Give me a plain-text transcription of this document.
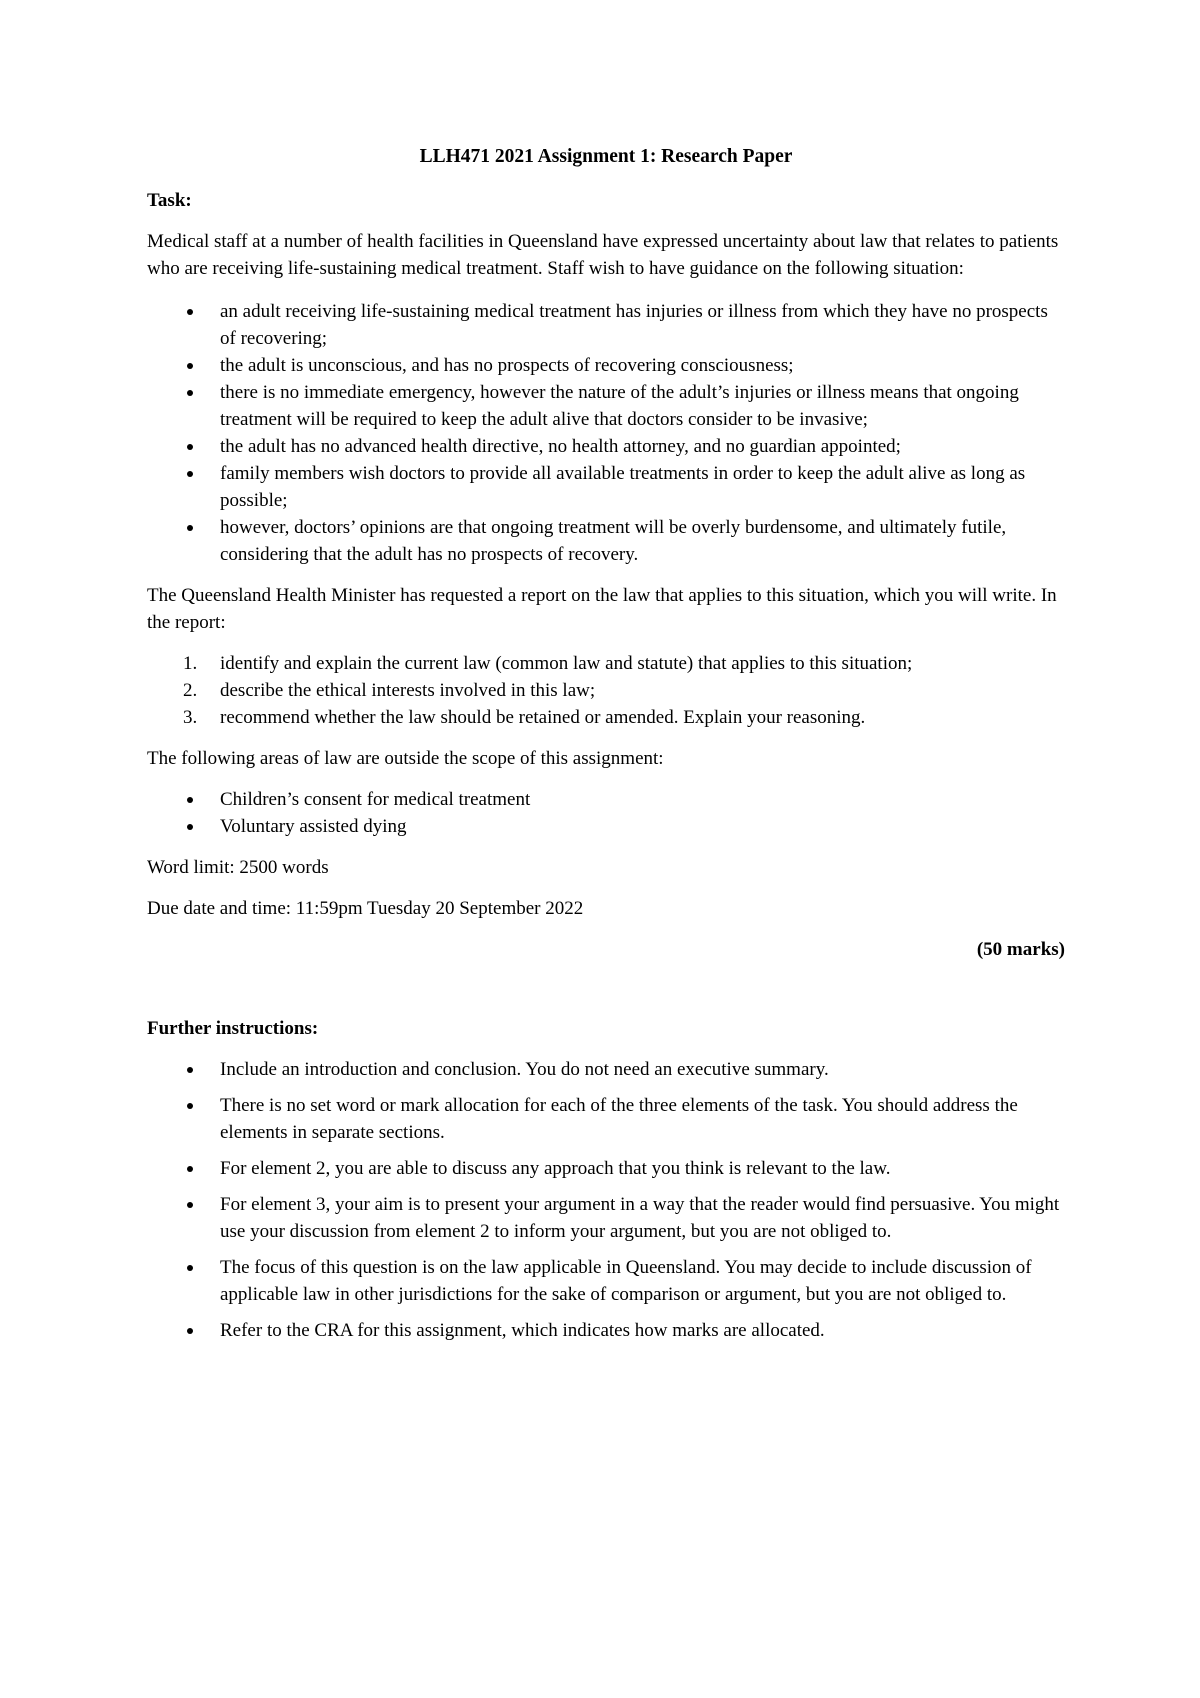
LLH471 2021 Assignment 1: Research Paper

Task:

Medical staff at a number of health facilities in Queensland have expressed uncertainty about law that relates to patients who are receiving life-sustaining medical treatment. Staff wish to have guidance on the following situation:

an adult receiving life-sustaining medical treatment has injuries or illness from which they have no prospects of recovering;
the adult is unconscious, and has no prospects of recovering consciousness;
there is no immediate emergency, however the nature of the adult’s injuries or illness means that ongoing treatment will be required to keep the adult alive that doctors consider to be invasive;
the adult has no advanced health directive, no health attorney, and no guardian appointed;
family members wish doctors to provide all available treatments in order to keep the adult alive as long as possible;
however, doctors’ opinions are that ongoing treatment will be overly burdensome, and ultimately futile, considering that the adult has no prospects of recovery.

The Queensland Health Minister has requested a report on the law that applies to this situation, which you will write. In the report:

1. identify and explain the current law (common law and statute) that applies to this situation;
2. describe the ethical interests involved in this law;
3. recommend whether the law should be retained or amended. Explain your reasoning.

The following areas of law are outside the scope of this assignment:

Children’s consent for medical treatment
Voluntary assisted dying

Word limit: 2500 words

Due date and time: 11:59pm Tuesday 20 September 2022

(50 marks)

Further instructions:

Include an introduction and conclusion. You do not need an executive summary.
There is no set word or mark allocation for each of the three elements of the task. You should address the elements in separate sections.
For element 2, you are able to discuss any approach that you think is relevant to the law.
For element 3, your aim is to present your argument in a way that the reader would find persuasive. You might use your discussion from element 2 to inform your argument, but you are not obliged to.
The focus of this question is on the law applicable in Queensland. You may decide to include discussion of applicable law in other jurisdictions for the sake of comparison or argument, but you are not obliged to.
Refer to the CRA for this assignment, which indicates how marks are allocated.
